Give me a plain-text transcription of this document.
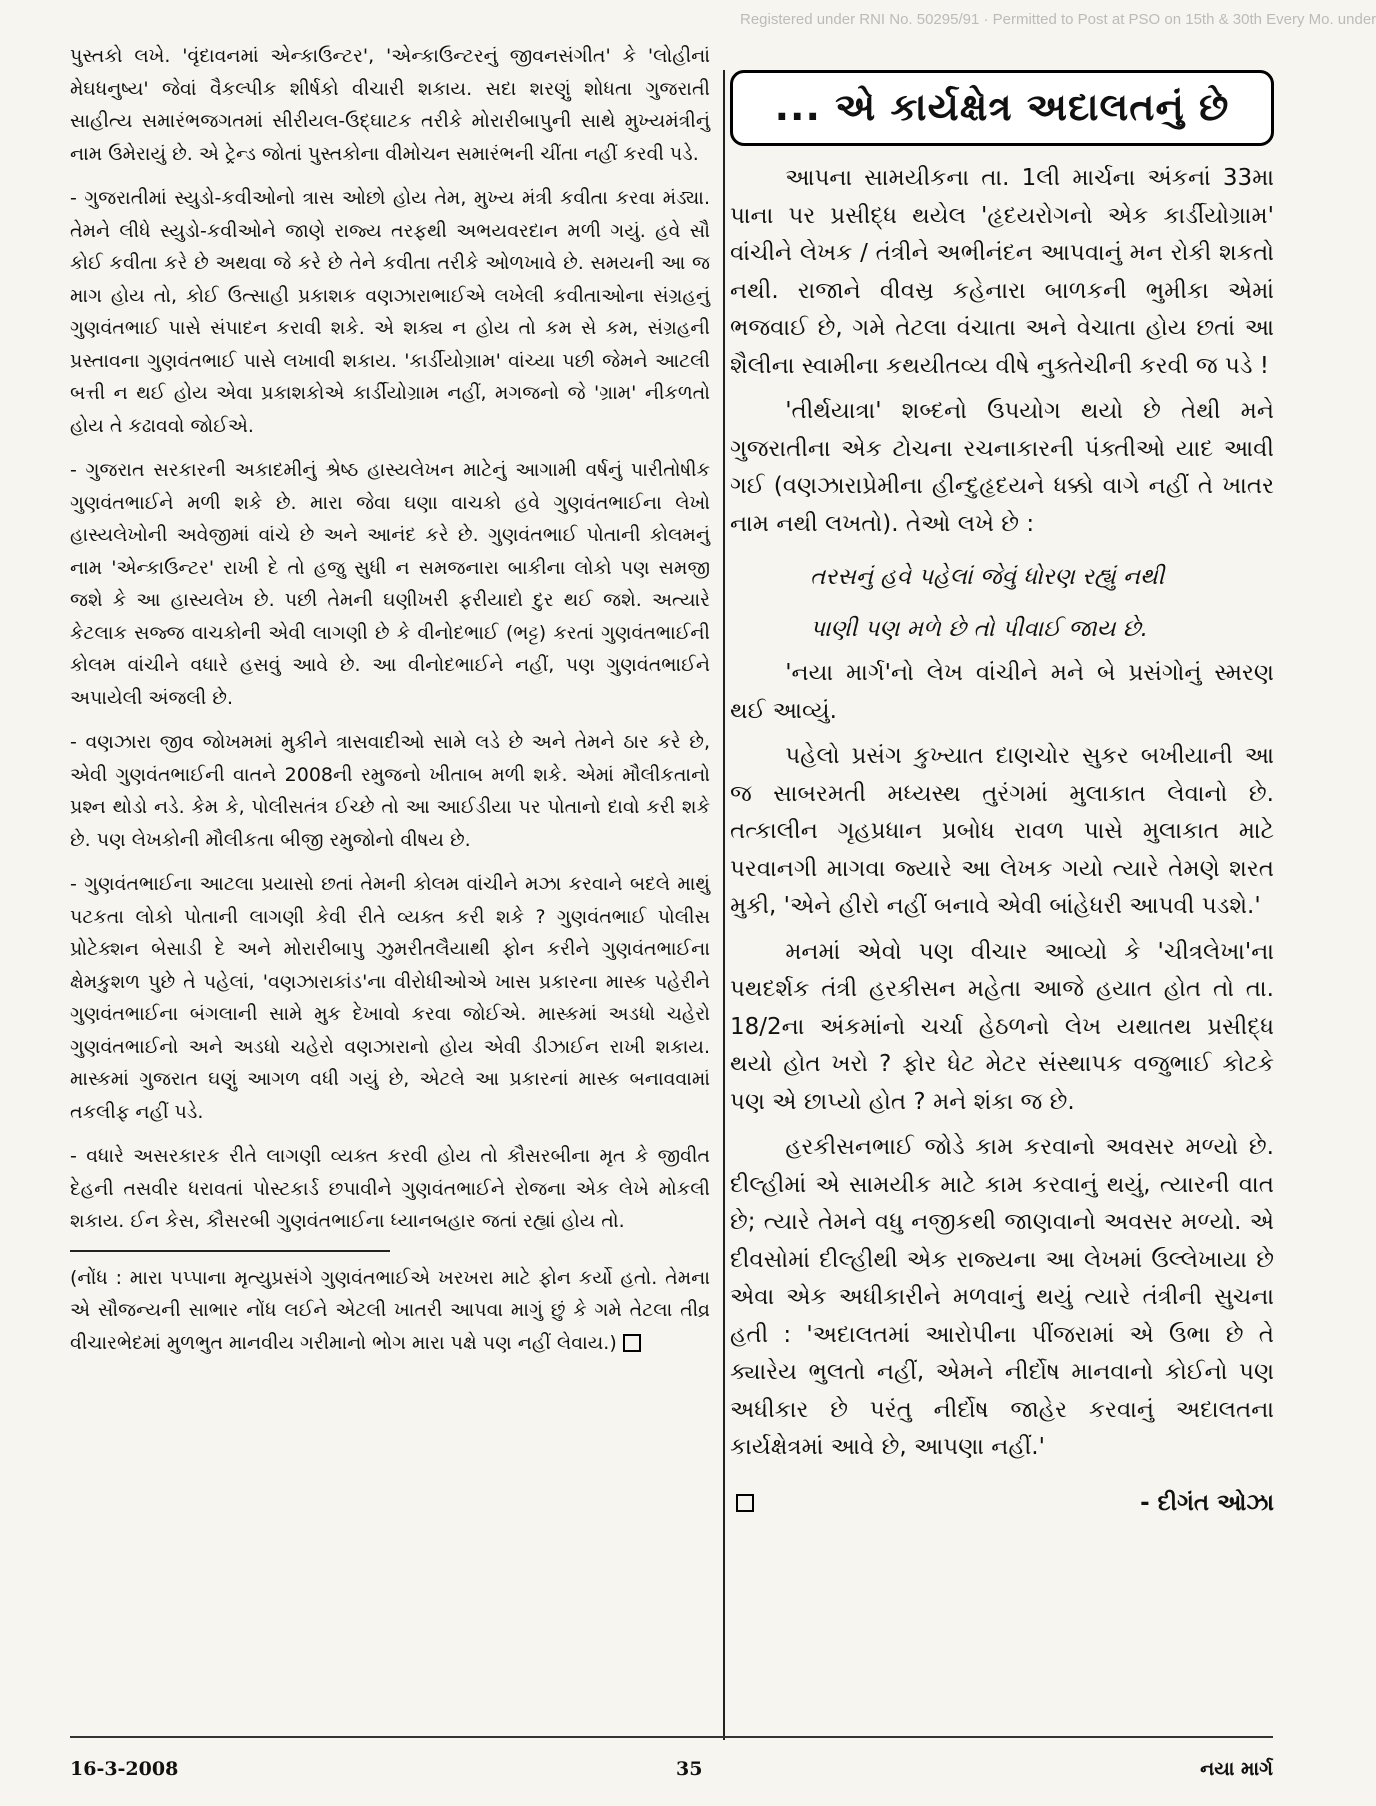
Registered under RNI No. 50295/91 · Permitted to Post at PSO on 15th & 30th Every Mo. under

પુસ્તકો લખે. 'વૃંદાવનમાં એન્કાઉન્ટર', 'એન્કાઉન્ટરનું જીવનસંગીત' કે 'લોહીનાં મેઘધનુષ્ય' જેવાં વૈકલ્પીક શીર્ષકો વીચારી શકાય. સદા શરણું શોધતા ગુજરાતી સાહીત્ય સમારંભજગતમાં સીરીયલ-ઉદ્‌ઘાટક તરીકે મોરારીબાપુની સાથે મુખ્યમંત્રીનું નામ ઉમેરાયું છે. એ ટ્રેન્ડ જોતાં પુસ્તકોના વીમોચન સમારંભની ચીંતા નહીં કરવી પડે.

- ગુજરાતીમાં સ્યુડો-કવીઓનો ત્રાસ ઓછો હોય તેમ, મુખ્ય મંત્રી કવીતા કરવા મંડ્યા. તેમને લીધે સ્યુડો-કવીઓને જાણે રાજ્ય તરફથી અભયવરદાન મળી ગયું. હવે સૌ કોઈ કવીતા કરે છે અથવા જે કરે છે તેને કવીતા તરીકે ઓળખાવે છે. સમયની આ જ માગ હોય તો, કોઈ ઉત્સાહી પ્રકાશક વણઝારાભાઈએ લખેલી કવીતાઓના સંગ્રહનું ગુણવંતભાઈ પાસે સંપાદન કરાવી શકે. એ શક્ય ન હોય તો કમ સે કમ, સંગ્રહની પ્રસ્તાવના ગુણવંતભાઈ પાસે લખાવી શકાય. 'કાર્ડીયોગ્રામ' વાંચ્યા પછી જેમને આટલી બત્તી ન થઈ હોય એવા પ્રકાશકોએ કાર્ડીયોગ્રામ નહીં, મગજનો જે 'ગ્રામ' નીકળતો હોય તે કઢાવવો જોઈએ.

- ગુજરાત સરકારની અકાદમીનું શ્રેષ્ઠ હાસ્યલેખન માટેનું આગામી વર્ષનું પારીતોષીક ગુણવંતભાઈને મળી શકે છે. મારા જેવા ઘણા વાચકો હવે ગુણવંતભાઈના લેખો હાસ્યલેખોની અવેજીમાં વાંચે છે અને આનંદ કરે છે. ગુણવંતભાઈ પોતાની કોલમનું નામ 'એન્કાઉન્ટર' રાખી દે તો હજુ સુધી ન સમજનારા બાકીના લોકો પણ સમજી જશે કે આ હાસ્યલેખ છે. પછી તેમની ઘણીખરી ફરીયાદો દુર થઈ જશે. અત્યારે કેટલાક સજ્જ વાચકોની એવી લાગણી છે કે વીનોદભાઈ (ભટ્ટ) કરતાં ગુણવંતભાઈની કોલમ વાંચીને વધારે હસવું આવે છે. આ વીનોદભાઈને નહીં, પણ ગુણવંતભાઈને અપાયેલી અંજલી છે.

- વણઝારા જીવ જોખમમાં મુકીને ત્રાસવાદીઓ સામે લડે છે અને તેમને ઠાર કરે છે, એવી ગુણવંતભાઈની વાતને 2008ની રમુજનો ખીતાબ મળી શકે. એમાં મૌલીકતાનો પ્રશ્ન થોડો નડે. કેમ કે, પોલીસતંત્ર ઈચ્છે તો આ આઈડીયા પર પોતાનો દાવો કરી શકે છે. પણ લેખકોની મૌલીકતા બીજી રમુજોનો વીષય છે.

- ગુણવંતભાઈના આટલા પ્રયાસો છતાં તેમની કોલમ વાંચીને મઝા કરવાને બદલે માથું પટકતા લોકો પોતાની લાગણી કેવી રીતે વ્યક્ત કરી શકે ? ગુણવંતભાઈ પોલીસ પ્રોટેક્શન બેસાડી દે અને મોરારીબાપુ ઝુમરીતલૈયાથી ફોન કરીને ગુણવંતભાઈના ક્ષેમકુશળ પુછે તે પહેલાં, 'વણઝારાકાંડ'ના વીરોધીઓએ ખાસ પ્રકારના માસ્ક પહેરીને ગુણવંતભાઈના બંગલાની સામે મુક દેખાવો કરવા જોઈએ. માસ્કમાં અડધો ચહેરો ગુણવંતભાઈનો અને અડધો ચહેરો વણઝારાનો હોય એવી ડીઝાઈન રાખી શકાય. માસ્કમાં ગુજરાત ઘણું આગળ વધી ગયું છે, એટલે આ પ્રકારનાં માસ્ક બનાવવામાં તકલીફ નહીં પડે.

- વધારે અસરકારક રીતે લાગણી વ્યક્ત કરવી હોય તો કૌસરબીના મૃત કે જીવીત દેહની તસવીર ધરાવતાં પોસ્ટકાર્ડ છપાવીને ગુણવંતભાઈને રોજના એક લેખે મોકલી શકાય. ઈન કેસ, કૌસરબી ગુણવંતભાઈના ધ્યાનબહાર જતાં રહ્યાં હોય તો.

(નોંધ : મારા પપ્પાના મૃત્યુપ્રસંગે ગુણવંતભાઈએ ખરખરા માટે ફોન કર્યો હતો. તેમના એ સૌજન્યની સાભાર નોંધ લઈને એટલી ખાતરી આપવા માગું છું કે ગમે તેટલા તીવ્ર વીચારભેદમાં મુળભુત માનવીય ગરીમાનો ભોગ મારા પક્ષે પણ નહીં લેવાય.)

... એ કાર્યક્ષેત્ર અદાલતનું છે

આપના સામયીકના તા. 1લી માર્ચના અંકનાં 33મા પાના પર પ્રસીદ્ધ થયેલ 'હૃદયરોગનો એક કાર્ડીયોગ્રામ' વાંચીને લેખક / તંત્રીને અભીનંદન આપવાનું મન રોકી શકતો નથી. રાજાને વીવસ્ર કહેનારા બાળકની ભુમીકા એમાં ભજવાઈ છે, ગમે તેટલા વંચાતા અને વેચાતા હોય છતાં આ શૈલીના સ્વામીના કથયીતવ્ય વીષે નુક્તેચીની કરવી જ પડે !

'તીર્થયાત્રા' શબ્દનો ઉપયોગ થયો છે તેથી મને ગુજરાતીના એક ટોચના રચનાકારની પંક્તીઓ યાદ આવી ગઈ (વણઝારાપ્રેમીના હીન્દુહૃદયને ધક્કો વાગે નહીં તે ખાતર નામ નથી લખતો). તેઓ લખે છે :

તરસનું હવે પહેલાં જેવું ધોરણ રહ્યું નથી

પાણી પણ મળે છે તો પીવાઈ જાય છે.

'નયા માર્ગ'નો લેખ વાંચીને મને બે પ્રસંગોનું સ્મરણ થઈ આવ્યું.

પહેલો પ્રસંગ કુખ્યાત દાણચોર સુકર બખીયાની આ જ સાબરમતી મધ્યસ્થ તુરંગમાં મુલાકાત લેવાનો છે. તત્કાલીન ગૃહપ્રધાન પ્રબોધ રાવળ પાસે મુલાકાત માટે પરવાનગી માગવા જ્યારે આ લેખક ગયો ત્યારે તેમણે શરત મુકી, 'એને હીરો નહીં બનાવે એવી બાંહેધરી આપવી પડશે.'

મનમાં એવો પણ વીચાર આવ્યો કે 'ચીત્રલેખા'ના પથદર્શક તંત્રી હરકીસન મહેતા આજે હયાત હોત તો તા. 18/2ના અંકમાંનો ચર્ચા હેઠળનો લેખ યથાતથ પ્રસીદ્ધ થયો હોત ખરો ? ફોર ધેટ મેટર સંસ્થાપક વજુભાઈ કોટકે પણ એ છાપ્યો હોત ? મને શંકા જ છે.

હરકીસનભાઈ જોડે કામ કરવાનો અવસર મળ્યો છે. દીલ્હીમાં એ સામયીક માટે કામ કરવાનું થયું, ત્યારની વાત છે; ત્યારે તેમને વધુ નજીકથી જાણવાનો અવસર મળ્યો. એ દીવસોમાં દીલ્હીથી એક રાજ્યના આ લેખમાં ઉલ્લેખાયા છે એવા એક અધીકારીને મળવાનું થયું ત્યારે તંત્રીની સુચના હતી : 'અદાલતમાં આરોપીના પીંજરામાં એ ઉભા છે તે ક્યારેય ભુલતો નહીં, એમને નીર્દોષ માનવાનો કોઈનો પણ અધીકાર છે પરંતુ નીર્દોષ જાહેર કરવાનું અદાલતના કાર્યક્ષેત્રમાં આવે છે, આપણા નહીં.'

- દીગંત ઓઝા
16-3-2008	35	નયા માર્ગ
